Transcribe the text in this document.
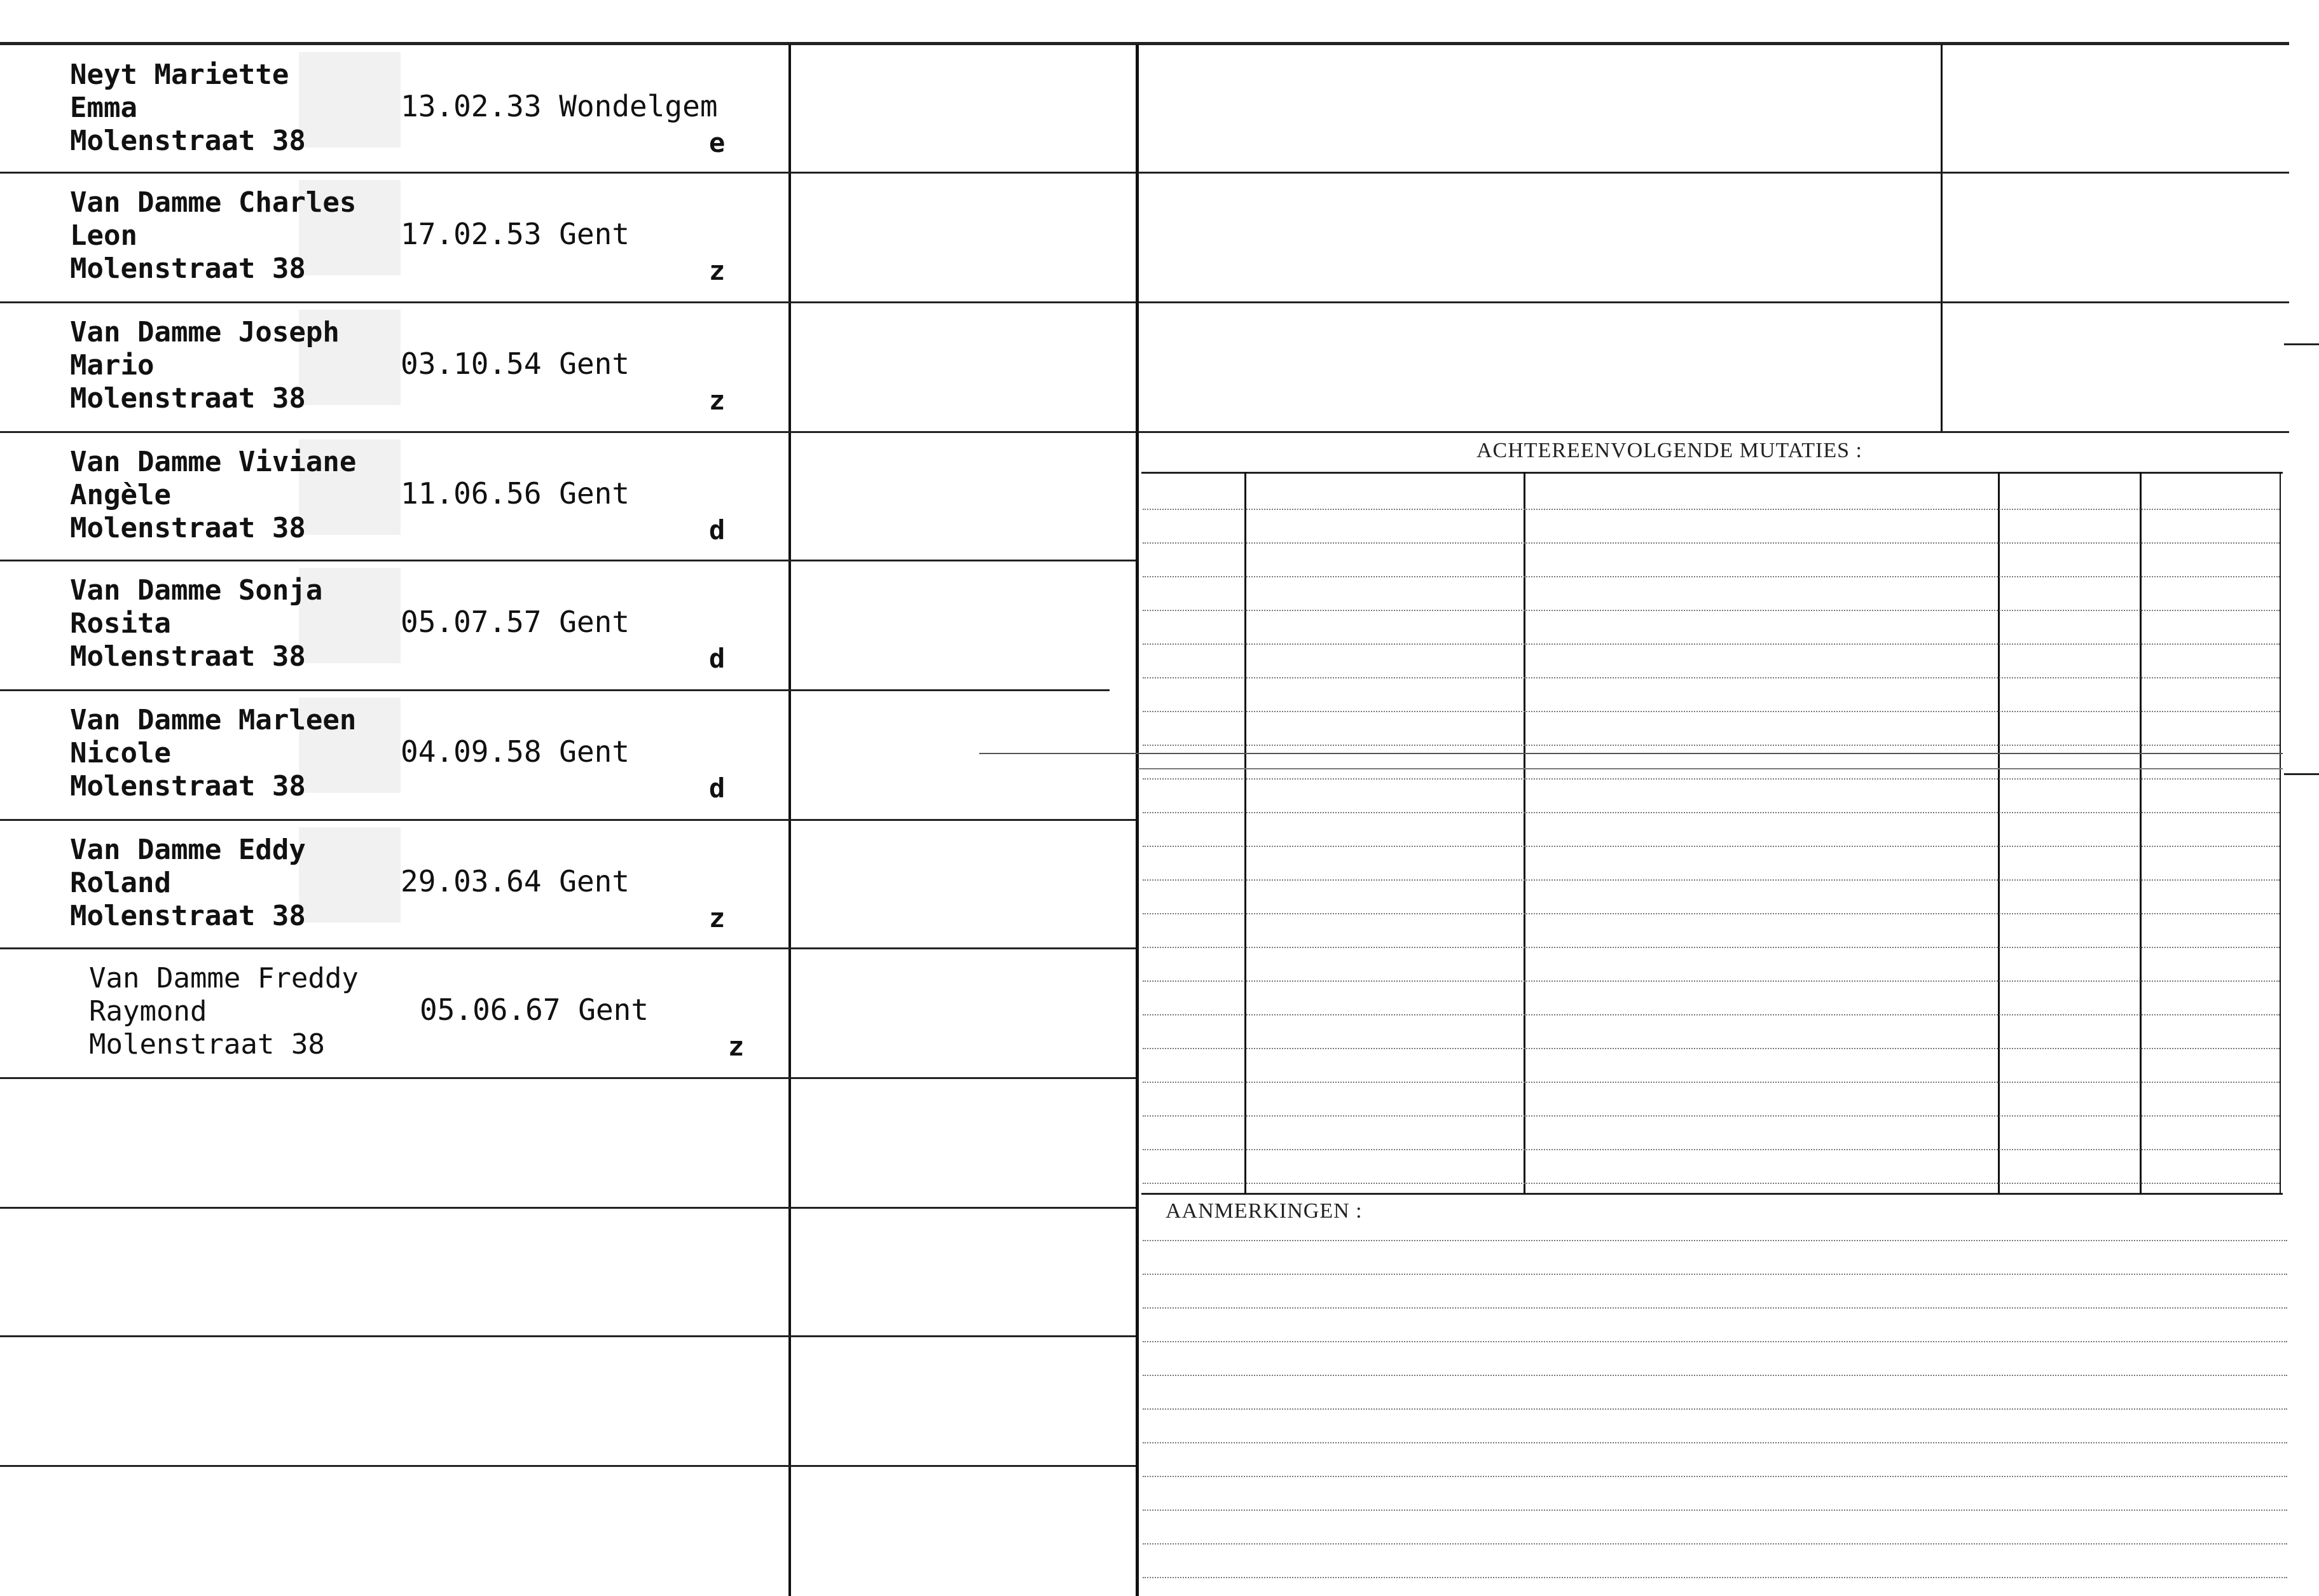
ACHTEREENVOLGENDE MUTATIES :
AANMERKINGEN :
Neyt Mariette
Emma
Molenstraat 38
13.02.33 Wondelgem
e
Van Damme Charles
Leon
Molenstraat 38
17.02.53 Gent
z
Van Damme Joseph
Mario
Molenstraat 38
03.10.54 Gent
z
Van Damme Viviane
Angèle
Molenstraat 38
11.06.56 Gent
d
Van Damme Sonja
Rosita
Molenstraat 38
05.07.57 Gent
d
Van Damme Marleen
Nicole
Molenstraat 38
04.09.58 Gent
d
Van Damme Eddy
Roland
Molenstraat 38
29.03.64 Gent
z
Van Damme Freddy
Raymond
Molenstraat 38
05.06.67 Gent
z
